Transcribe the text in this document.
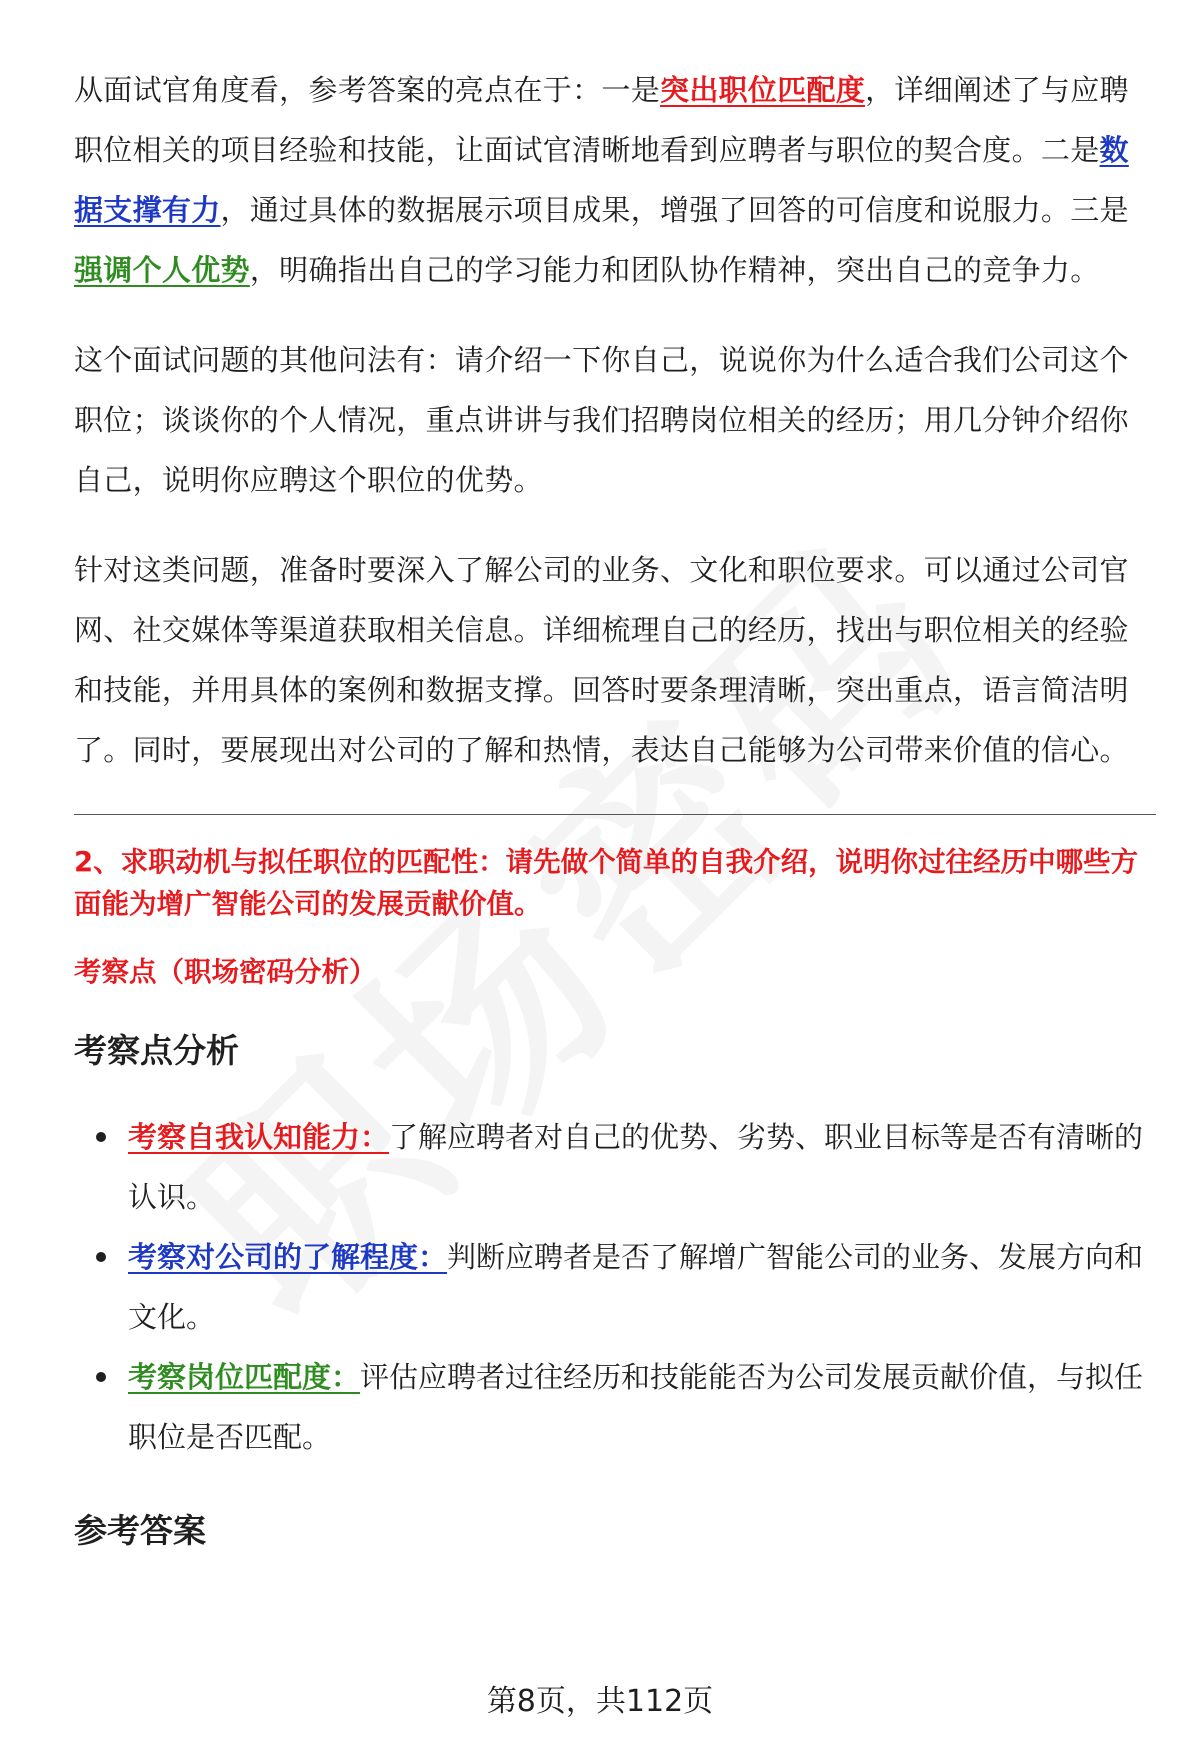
从面试官角度看，参考答案的亮点在于：一是突出职位匹配度，详细阐述了与应聘职位相关的项目经验和技能，让面试官清晰地看到应聘者与职位的契合度。二是数据支撑有力，通过具体的数据展示项目成果，增强了回答的可信度和说服力。三是强调个人优势，明确指出自己的学习能力和团队协作精神，突出自己的竞争力。

这个面试问题的其他问法有：请介绍一下你自己，说说你为什么适合我们公司这个职位；谈谈你的个人情况，重点讲讲与我们招聘岗位相关的经历；用几分钟介绍你自己，说明你应聘这个职位的优势。

针对这类问题，准备时要深入了解公司的业务、文化和职位要求。可以通过公司官网、社交媒体等渠道获取相关信息。详细梳理自己的经历，找出与职位相关的经验和技能，并用具体的案例和数据支撑。回答时要条理清晰，突出重点，语言简洁明了。同时，要展现出对公司的了解和热情，表达自己能够为公司带来价值的信心。

2、求职动机与拟任职位的匹配性：请先做个简单的自我介绍，说明你过往经历中哪些方面能为增广智能公司的发展贡献价值。

考察点（职场密码分析）

考察点分析
考察自我认知能力：了解应聘者对自己的优势、劣势、职业目标等是否有清晰的认识。
考察对公司的了解程度：判断应聘者是否了解增广智能公司的业务、发展方向和文化。
考察岗位匹配度：评估应聘者过往经历和技能能否为公司发展贡献价值，与拟任职位是否匹配。
参考答案
第8页，共112页
